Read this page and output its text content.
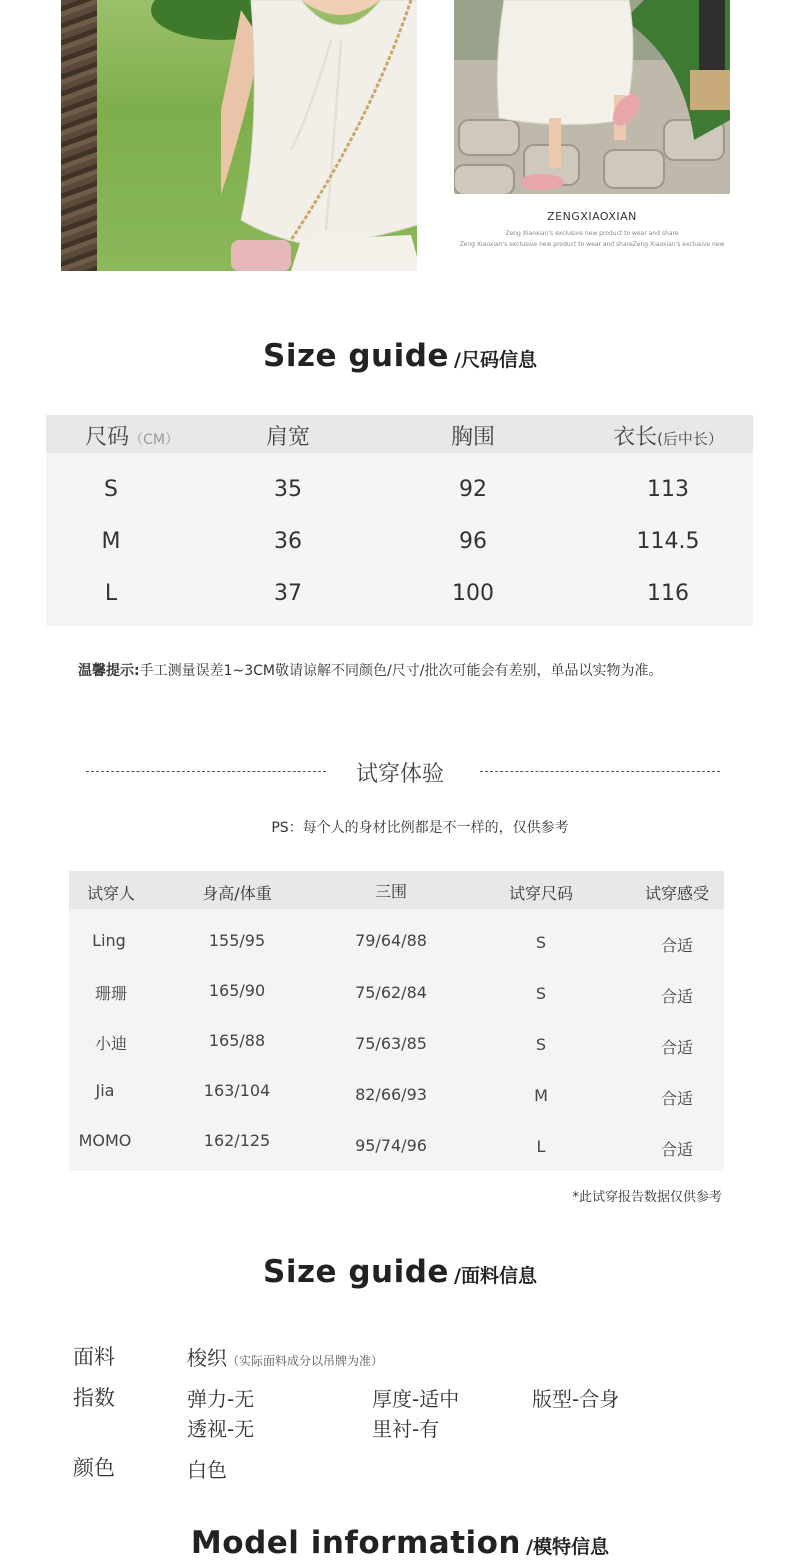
ZENGXIAOXIAN
Zeng Xiaoxian's exclusive new product to wear and share
Zeng Xiaoxian's exclusive new product to wear and shareZeng Xiaoxian's exclusive new
Size guide /尺码信息
尺码（CM）	肩宽	胸围	衣长(后中长）
S	35	92	113
M	36	96	114.5
L	37	100	116
温馨提示:手工测量误差1~3CM敬请谅解不同颜色/尺寸/批次可能会有差别，单品以实物为准。
试穿体验
PS：每个人的身材比例都是不一样的，仅供参考
试穿人	身高/体重	三围	试穿尺码	试穿感受
Ling	155/95	79/64/88	S	合适
珊珊	165/90	75/62/84	S	合适
小迪	165/88	75/63/85	S	合适
Jia	163/104	82/66/93	M	合适
MOMO	162/125	95/74/96	L	合适
*此试穿报告数据仅供参考
Size guide /面料信息
面料	梭织（实际面料成分以吊牌为准）
指数	弹力-无	厚度-适中	版型-合身
透视-无	里衬-有
颜色	白色
Model information /模特信息
